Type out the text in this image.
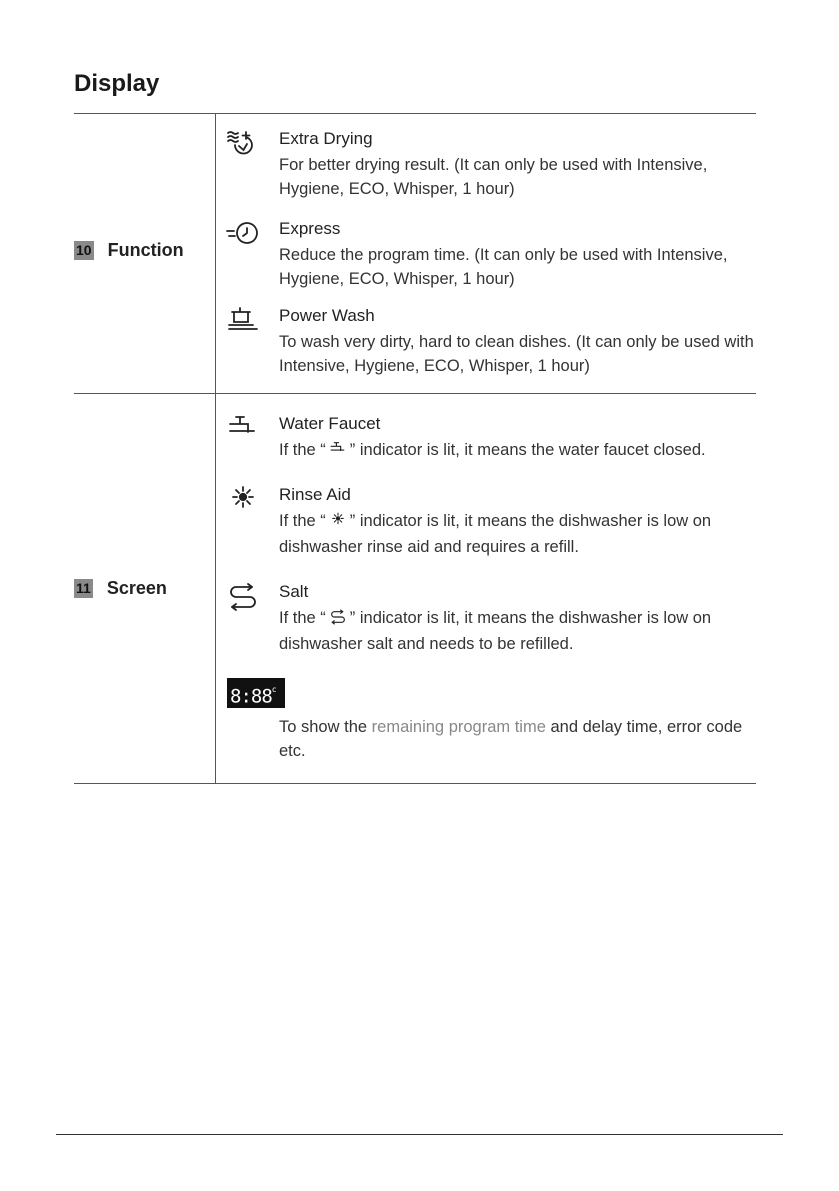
Display
10 Function
Extra Drying
For better drying result. (It can only be used with Intensive, Hygiene, ECO, Whisper, 1 hour)
Express
Reduce the program time. (It can only be used with Intensive, Hygiene, ECO, Whisper, 1 hour)
Power Wash
To wash very dirty, hard to clean dishes. (It can only be used with Intensive, Hygiene, ECO, Whisper, 1 hour)
11 Screen
Water Faucet
If the “ ” indicator is lit, it means the water faucet closed.
Rinse Aid
If the “ ” indicator is lit, it means the dishwasher is low on dishwasher rinse aid and requires a refill.
Salt
If the “ ” indicator is lit, it means the dishwasher is low on dishwasher salt and needs to be refilled.
8:88$^c$
To show the remaining program time and delay time, error code etc.
